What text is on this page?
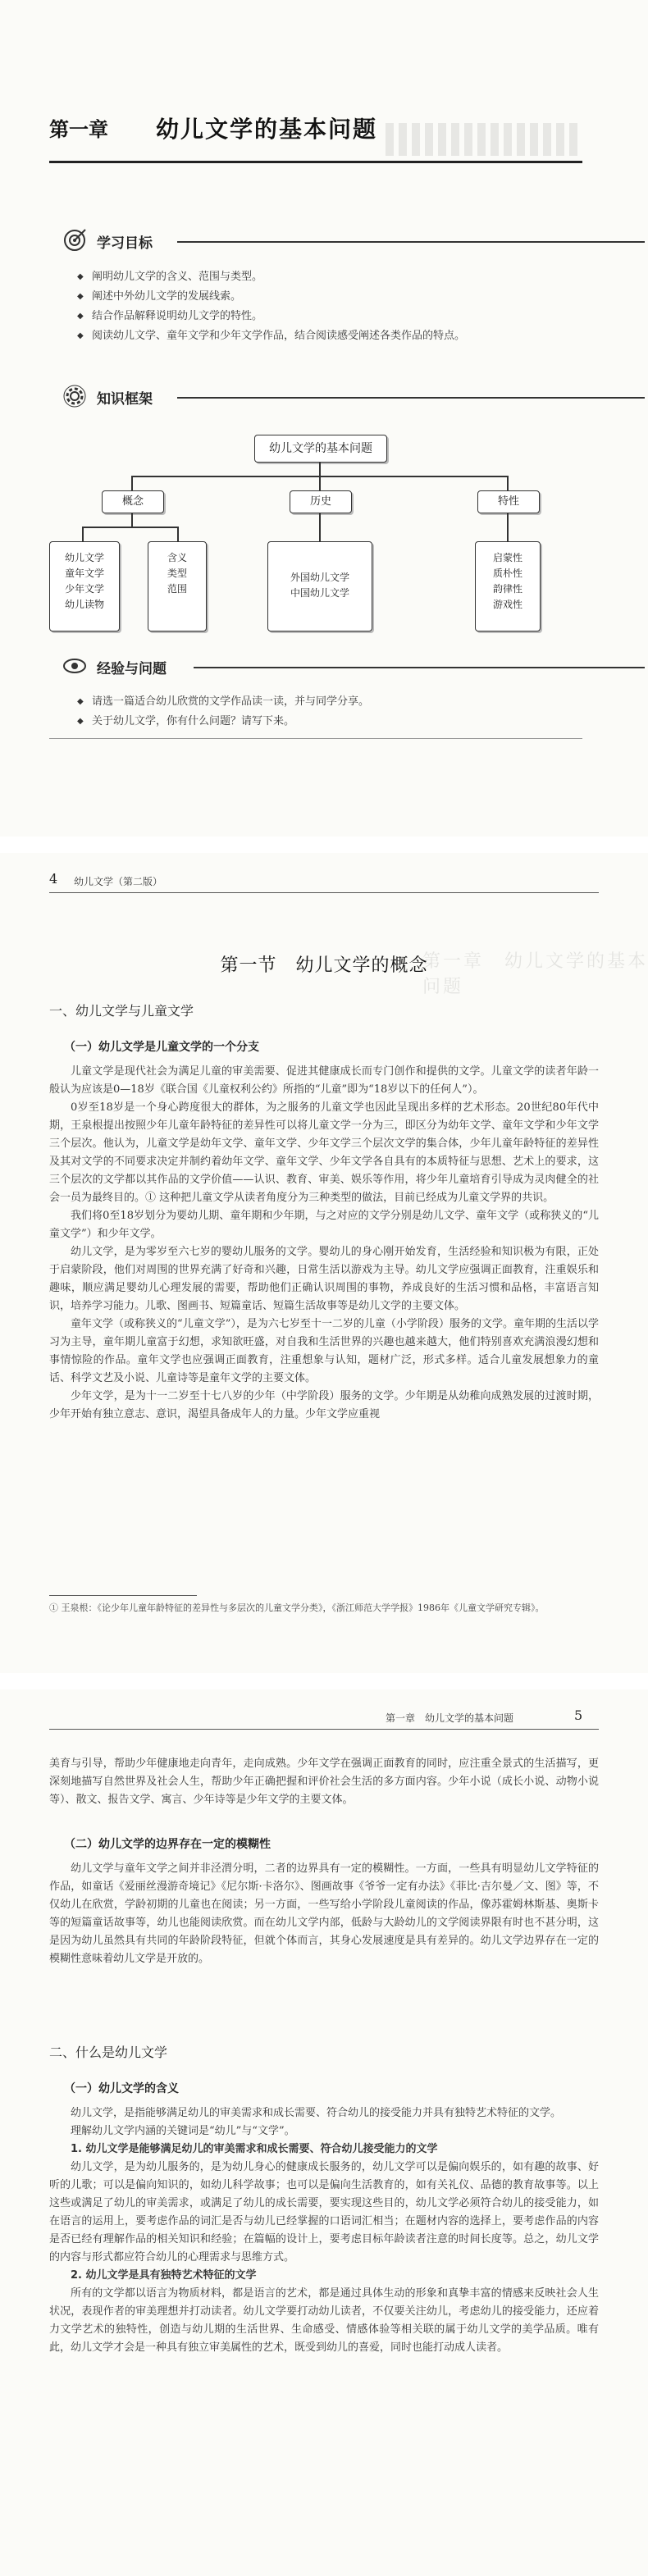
第一章 幼儿文学的基本问题
学习目标
◆ 阐明幼儿文学的含义、范围与类型。
◆ 阐述中外幼儿文学的发展线索。
◆ 结合作品解释说明幼儿文学的特性。
◆ 阅读幼儿文学、童年文学和少年文学作品，结合阅读感受阐述各类作品的特点。
知识框架
幼儿文学的基本问题
概念	历史	特性
幼儿文学
童年文学
少年文学
幼儿读物
含义
类型
范围
外国幼儿文学
中国幼儿文学
启蒙性
质朴性
韵律性
游戏性
经验与问题
◆ 请选一篇适合幼儿欣赏的文学作品读一读，并与同学分享。
◆ 关于幼儿文学，你有什么问题？请写下来。
4 幼儿文学（第二版）
第一章　幼儿文学的基本问题
第一节　幼儿文学的概念
一、幼儿文学与儿童文学
（一）幼儿文学是儿童文学的一个分支

儿童文学是现代社会为满足儿童的审美需要、促进其健康成长而专门创作和提供的文学。儿童文学的读者年龄一般认为应该是0—18岁《联合国《儿童权利公约》所指的“儿童”即为“18岁以下的任何人”）。

0岁至18岁是一个身心跨度很大的群体，为之服务的儿童文学也因此呈现出多样的艺术形态。20世纪80年代中期，王泉根提出按照少年儿童年龄特征的差异性可以将儿童文学一分为三，即区分为幼年文学、童年文学和少年文学三个层次。他认为，儿童文学是幼年文学、童年文学、少年文学三个层次文学的集合体，少年儿童年龄特征的差异性及其对文学的不同要求决定并制约着幼年文学、童年文学、少年文学各自具有的本质特征与思想、艺术上的要求，这三个层次的文学都以其作品的文学价值——认识、教育、审美、娱乐等作用，将少年儿童培育引导成为灵肉健全的社会一员为最终目的。① 这种把儿童文学从读者角度分为三种类型的做法，目前已经成为儿童文学界的共识。

我们将0至18岁划分为要幼儿期、童年期和少年期，与之对应的文学分别是幼儿文学、童年文学（或称狭义的“儿童文学”）和少年文学。

幼儿文学，是为零岁至六七岁的婴幼儿服务的文学。婴幼儿的身心刚开始发育，生活经验和知识极为有限，正处于启蒙阶段，他们对周围的世界充满了好奇和兴趣，日常生活以游戏为主导。幼儿文学应强调正面教育，注重娱乐和趣味，顺应满足婴幼儿心理发展的需要，帮助他们正确认识周围的事物，养成良好的生活习惯和品格，丰富语言知识，培养学习能力。儿歌、图画书、短篇童话、短篇生活故事等是幼儿文学的主要文体。

童年文学（或称狭义的“儿童文学”），是为六七岁至十一二岁的儿童（小学阶段）服务的文学。童年期的生活以学习为主导，童年期儿童富于幻想，求知欲旺盛，对自我和生活世界的兴趣也越来越大，他们特别喜欢充满浪漫幻想和事情惊险的作品。童年文学也应强调正面教育，注重想象与认知，题材广泛，形式多样。适合儿童发展想象力的童话、科学文艺及小说、儿童诗等是童年文学的主要文体。

少年文学，是为十一二岁至十七八岁的少年（中学阶段）服务的文学。少年期是从幼稚向成熟发展的过渡时期，少年开始有独立意志、意识，渴望具备成年人的力量。少年文学应重视

① 王泉根：《论少年儿童年龄特征的差异性与多层次的儿童文学分类》，《浙江师范大学学报》1986年《儿童文学研究专辑》。

第一章　幼儿文学的基本问题	5

美育与引导，帮助少年健康地走向青年，走向成熟。少年文学在强调正面教育的同时，应注重全景式的生活描写，更深刻地描写自然世界及社会人生，帮助少年正确把握和评价社会生活的多方面内容。少年小说（成长小说、动物小说等）、散文、报告文学、寓言、少年诗等是少年文学的主要文体。

（二）幼儿文学的边界存在一定的模糊性

幼儿文学与童年文学之间并非泾渭分明，二者的边界具有一定的模糊性。一方面，一些具有明显幼儿文学特征的作品，如童话《爱丽丝漫游奇境记》《尼尔斯·卡洛尔》、图画故事《爷爷一定有办法》《菲比·吉尔曼／文、图》等，不仅幼儿在欣赏，学龄初期的儿童也在阅读；另一方面，一些写给小学阶段儿童阅读的作品，像苏霍姆林斯基、奥斯卡等的短篇童话故事等，幼儿也能阅读欣赏。而在幼儿文学内部，低龄与大龄幼儿的文学阅读界限有时也不甚分明，这是因为幼儿虽然具有共同的年龄阶段特征，但就个体而言，其身心发展速度是具有差异的。幼儿文学边界存在一定的模糊性意味着幼儿文学是开放的。

二、什么是幼儿文学
（一）幼儿文学的含义

幼儿文学，是指能够满足幼儿的审美需求和成长需要、符合幼儿的接受能力并具有独特艺术特征的文学。

理解幼儿文学内涵的关键词是“幼儿”与“文学”。

1. 幼儿文学是能够满足幼儿的审美需求和成长需要、符合幼儿接受能力的文学

幼儿文学，是为幼儿服务的，是为幼儿身心的健康成长服务的，幼儿文学可以是偏向娱乐的，如有趣的故事、好听的儿歌；可以是偏向知识的，如幼儿科学故事；也可以是偏向生活教育的，如有关礼仪、品德的教育故事等。以上这些或满足了幼儿的审美需求，或满足了幼儿的成长需要，要实现这些目的，幼儿文学必须符合幼儿的接受能力，如在语言的运用上，要考虑作品的词汇是否与幼儿已经掌握的口语词汇相当；在题材内容的选择上，要考虑作品的内容是否已经有理解作品的相关知识和经验；在篇幅的设计上，要考虑目标年龄读者注意的时间长度等。总之，幼儿文学的内容与形式都应符合幼儿的心理需求与思维方式。

2. 幼儿文学是具有独特艺术特征的文学

所有的文学都以语言为物质材料，都是语言的艺术，都是通过具体生动的形象和真挚丰富的情感来反映社会人生状况，表现作者的审美理想并打动读者。幼儿文学要打动幼儿读者，不仅要关注幼儿，考虑幼儿的接受能力，还应着力文学艺术的独特性，创造与幼儿期的生活世界、生命感受、情感体验等相关联的属于幼儿文学的美学品质。唯有此，幼儿文学才会是一种具有独立审美属性的艺术，既受到幼儿的喜爱，同时也能打动成人读者。
